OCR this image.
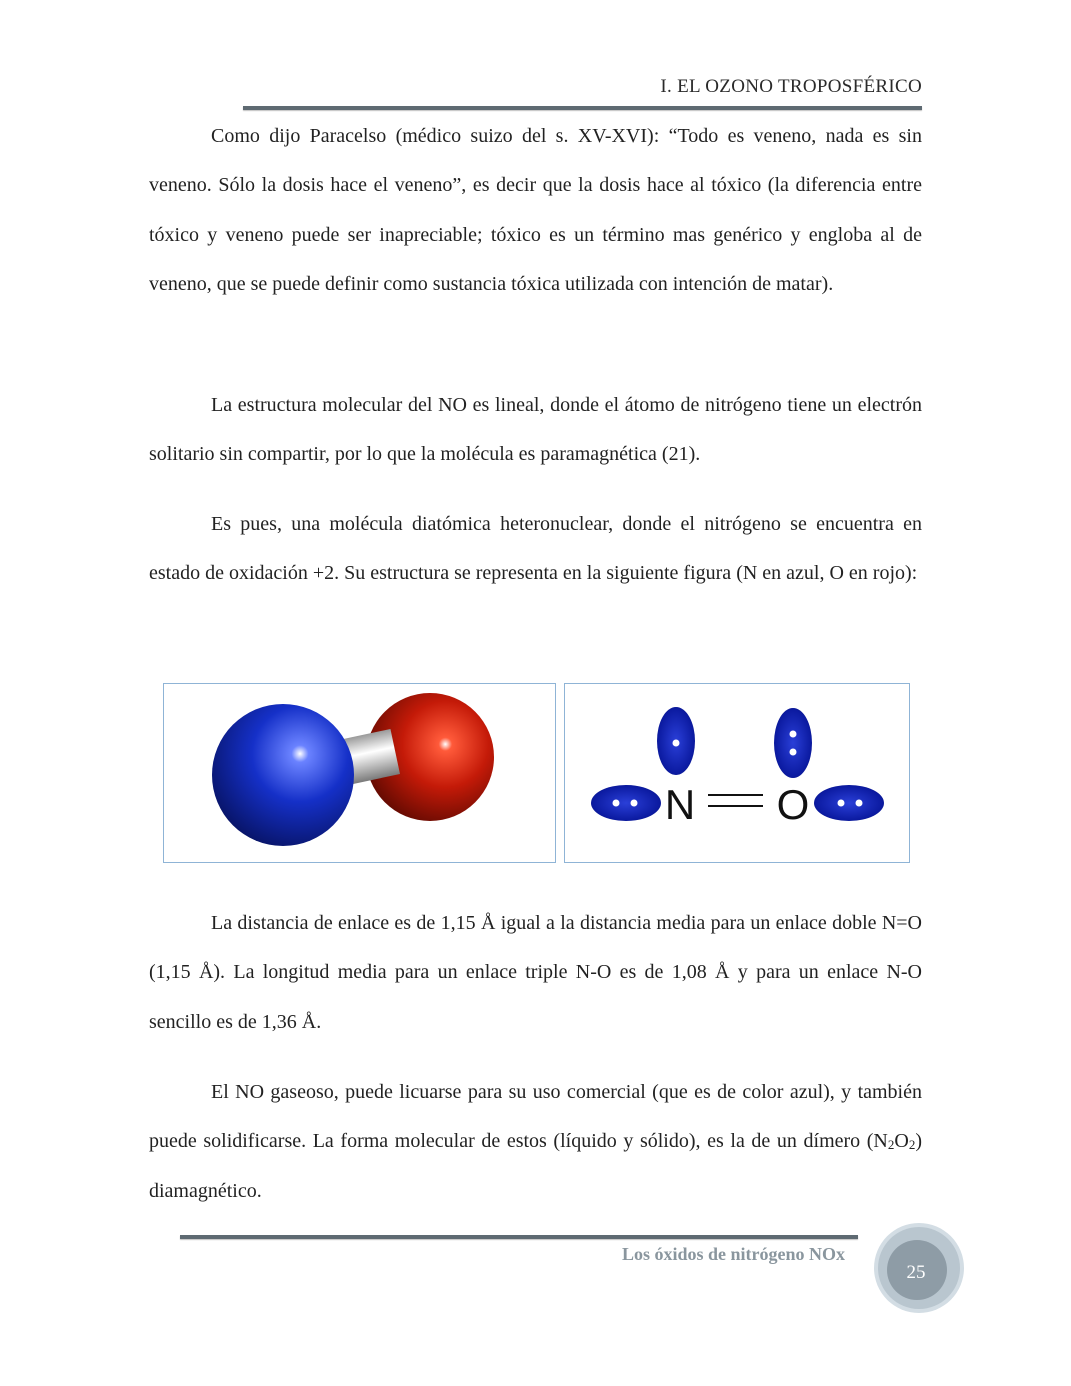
I. EL OZONO TROPOSFÉRICO

Como dijo Paracelso (médico suizo del s. XV-XVI): “Todo es veneno, nada es sin veneno. Sólo la dosis hace el veneno”, es decir que la dosis hace al tóxico (la diferencia entre tóxico y veneno puede ser inapreciable; tóxico es un término mas genérico y engloba al de veneno, que se puede definir como sustancia tóxica utilizada con intención de matar).

La estructura molecular del NO es lineal, donde el átomo de nitrógeno tiene un electrón solitario sin compartir, por lo que la molécula es paramagnética (21).

Es pues, una molécula diatómica heteronuclear, donde el nitrógeno se encuentra en estado de oxidación +2. Su estructura se representa en la siguiente figura (N en azul, O en rojo):

N O

La distancia de enlace es de 1,15 Å igual a la distancia media para un enlace doble N=O (1,15 Å). La longitud media para un enlace triple N-O es de 1,08 Å y para un enlace N-O sencillo es de 1,36 Å.

El NO gaseoso, puede licuarse para su uso comercial (que es de color azul), y también puede solidificarse. La forma molecular de estos (líquido y sólido), es la de un dímero $(N_2O_2)$ diamagnético.

Los óxidos de nitrógeno NOx
25
